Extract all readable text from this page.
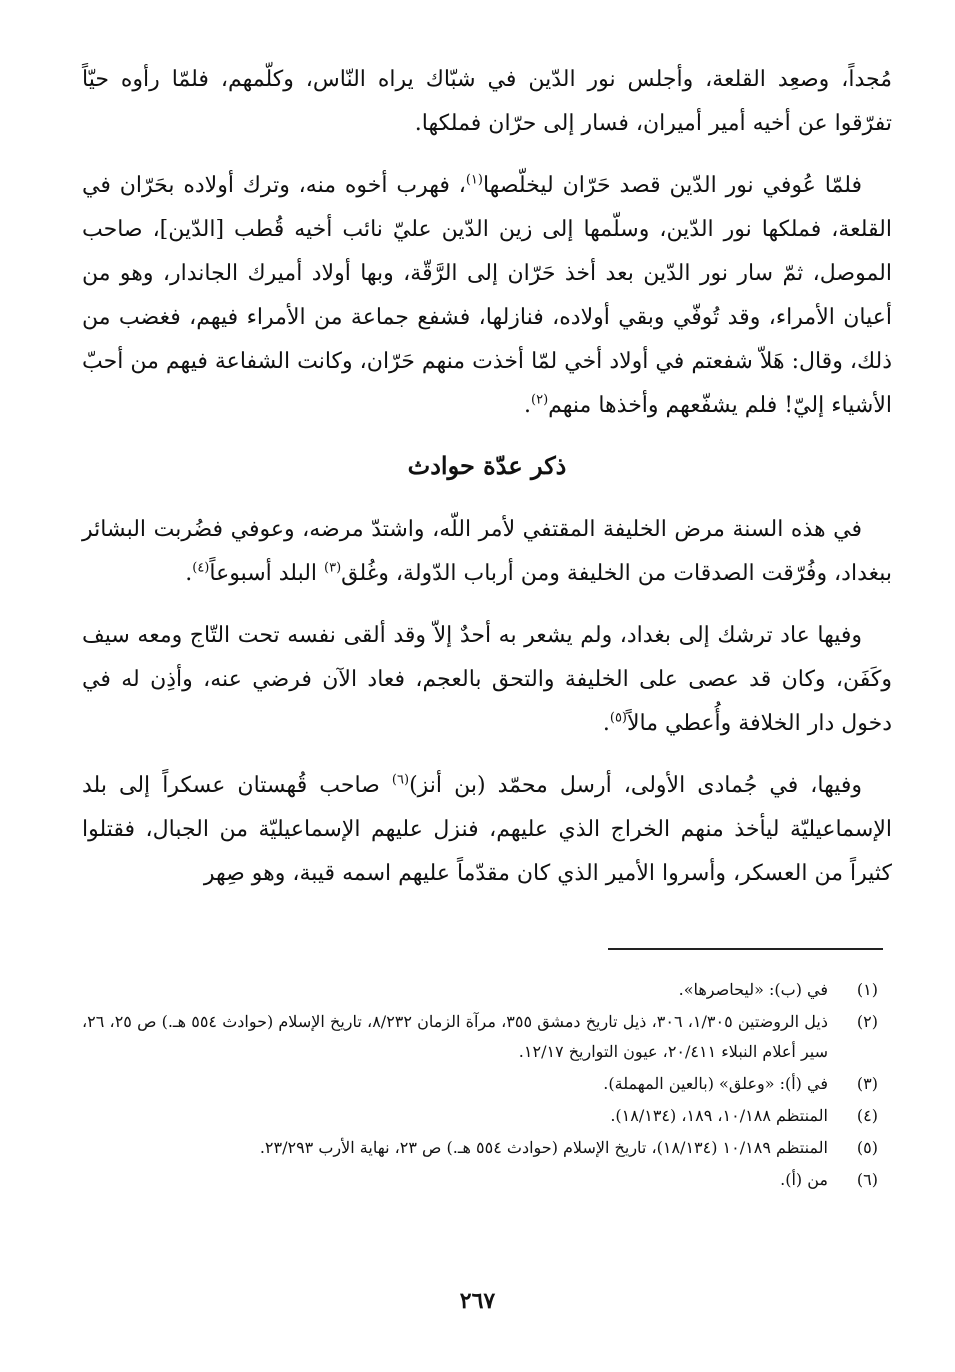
مُجداً، وصعِد القلعة، وأجلس نور الدّين في شبّاك يراه النّاس، وكلّمهم، فلمّا رأوه حيّاً تفرّقوا عن أخيه أمير أميران، فسار إلى حرّان فملكها.

فلمّا عُوفي نور الدّين قصد حَرّان ليخلّصها$^{(١)}$، فهرب أخوه منه، وترك أولاده بحَرّان في القلعة، فملكها نور الدّين، وسلّمها إلى زين الدّين عليّ نائب أخيه قُطب [الدّين]، صاحب الموصل، ثمّ سار نور الدّين بعد أخذ حَرّان إلى الرَّقّة، وبها أولاد أميرك الجاندار، وهو من أعيان الأمراء، وقد تُوفّي وبقي أولاده، فنازلها، فشفع جماعة من الأمراء فيهم، فغضب من ذلك، وقال: هَلاّ شفعتم في أولاد أخي لمّا أخذت منهم حَرّان، وكانت الشفاعة فيهم من أحبّ الأشياء إليّ! فلم يشفّعهم وأخذها منهم$^{(٢)}$.

ذكر عدّة حوادث

في هذه السنة مرض الخليفة المقتفي لأمر اللّه، واشتدّ مرضه، وعوفي فضُربت البشائر ببغداد، وفُرّقت الصدقات من الخليفة ومن أرباب الدّولة، وغُلق$^{(٣)}$ البلد أسبوعاً$^{(٤)}$.

وفيها عاد ترشك إلى بغداد، ولم يشعر به أحدٌ إلاّ وقد ألقى نفسه تحت التّاج ومعه سيف وكَفَن، وكان قد عصى على الخليفة والتحق بالعجم، فعاد الآن فرضي عنه، وأذِن له في دخول دار الخلافة وأُعطي مالاً$^{(٥)}$.

وفيها، في جُمادى الأولى، أرسل محمّد (بن أنز)$^{(٦)}$ صاحب قُهستان عسكراً إلى بلد الإسماعيليّة ليأخذ منهم الخراج الذي عليهم، فنزل عليهم الإسماعيليّة من الجبال، فقتلوا كثيراً من العسكر، وأسروا الأمير الذي كان مقدّماً عليهم اسمه قيبة، وهو صِهر

(١)
في (ب): «ليحاصرها».
(٢)
ذيل الروضتين ١/٣٠٥، ٣٠٦، ذيل تاريخ دمشق ٣٥٥، مرآة الزمان ٨/٢٣٢، تاريخ الإسلام (حوادث ٥٥٤ هـ.) ص ٢٥، ٢٦، سير أعلام النبلاء ٢٠/٤١١، عيون التواريخ ١٢/١٧.
(٣)
في (أ): «وعلق» (بالعين المهملة).
(٤)
المنتظم ١٠/١٨٨، ١٨٩، (١٨/١٣٤).
(٥)
المنتظم ١٠/١٨٩ (١٨/١٣٤)، تاريخ الإسلام (حوادث ٥٥٤ هـ.) ص ٢٣، نهاية الأرب ٢٣/٢٩٣.
(٦)
من (أ).
٢٦٧
